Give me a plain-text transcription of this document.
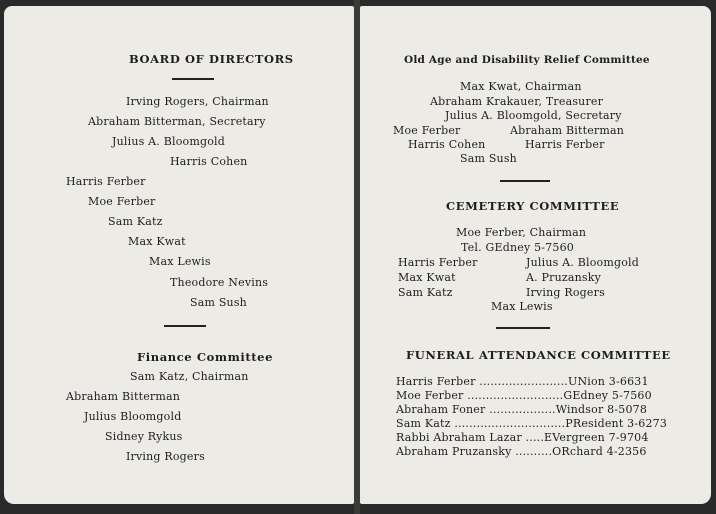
BOARD OF DIRECTORS
Irving Rogers, Chairman
Abraham Bitterman, Secretary
Julius A. Bloomgold
Harris Cohen
Harris Ferber
Moe Ferber
Sam Katz
Max Kwat
Max Lewis
Theodore Nevins
Sam Sush
Finance Committee
Sam Katz, Chairman
Abraham Bitterman
Julius Bloomgold
Sidney Rykus
Irving Rogers
Old Age and Disability Relief Committee
Max Kwat, Chairman
Abraham Krakauer, Treasurer
Julius A. Bloomgold, Secretary
Moe Ferber	Abraham Bitterman
Harris Cohen	Harris Ferber
Sam Sush
CEMETERY COMMITTEE
Moe Ferber, Chairman
Tel. GEdney 5-7560
Harris Ferber	Julius A. Bloomgold
Max Kwat	A. Pruzansky
Sam Katz	Irving Rogers
Max Lewis
FUNERAL ATTENDANCE COMMITTEE
Harris Ferber ........................UNion 3-6631
Moe Ferber ..........................GEdney 5-7560
Abraham Foner ..................Windsor 8-5078
Sam Katz ..............................PResident 3-6273
Rabbi Abraham Lazar .....EVergreen 7-9704
Abraham Pruzansky ..........ORchard 4-2356
